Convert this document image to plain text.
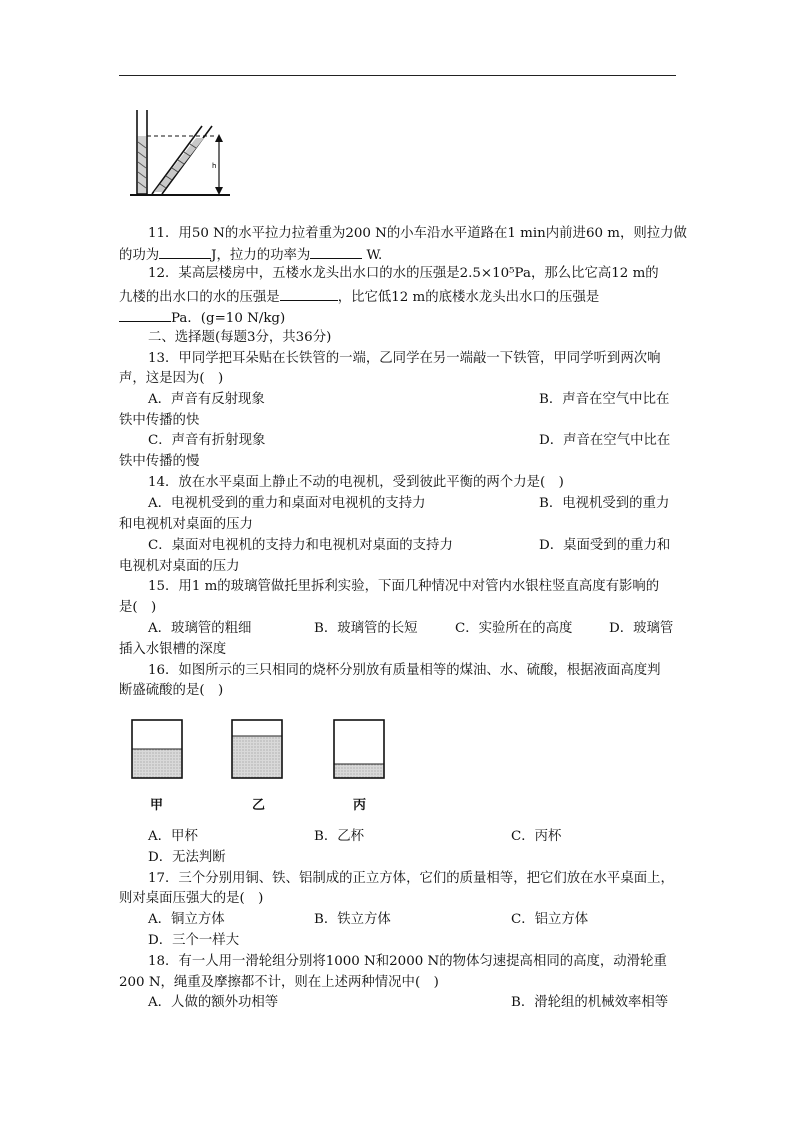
h
11．用50 N的水平拉力拉着重为200 N的小车沿水平道路在1 min内前进60 m，则拉力做
的功为	J，拉力的功率为	W.
12．某高层楼房中，五楼水龙头出水口的水的压强是2.5×10⁵Pa，那么比它高12 m的
九楼的出水口的水的压强是	，比它低12 m的底楼水龙头出水口的压强是
Pa．(g=10 N/kg)
二、选择题(每题3分，共36分)
13．甲同学把耳朵贴在长铁管的一端，乙同学在另一端敲一下铁管，甲同学听到两次响
声，这是因为(　)
A．声音有反射现象	B．声音在空气中比在
铁中传播的快
C．声音有折射现象	D．声音在空气中比在
铁中传播的慢
14．放在水平桌面上静止不动的电视机，受到彼此平衡的两个力是(　)
A．电视机受到的重力和桌面对电视机的支持力	B．电视机受到的重力
和电视机对桌面的压力
C．桌面对电视机的支持力和电视机对桌面的支持力	D．桌面受到的重力和
电视机对桌面的压力
15．用1 m的玻璃管做托里拆利实验，下面几种情况中对管内水银柱竖直高度有影响的
是(　)
A．玻璃管的粗细	B．玻璃管的长短	C．实验所在的高度	D．玻璃管
插入水银槽的深度
16．如图所示的三只相同的烧杯分别放有质量相等的煤油、水、硫酸，根据液面高度判
断盛硫酸的是(　)
甲	乙	丙
A．甲杯	B．乙杯	C．丙杯
D．无法判断
17．三个分别用铜、铁、铝制成的正立方体，它们的质量相等，把它们放在水平桌面上，
则对桌面压强大的是(　)
A．铜立方体	B．铁立方体	C．铝立方体
D．三个一样大
18．有一人用一滑轮组分别将1000 N和2000 N的物体匀速提高相同的高度，动滑轮重
200 N，绳重及摩擦都不计，则在上述两种情况中(　)
A．人做的额外功相等	B．滑轮组的机械效率相等
